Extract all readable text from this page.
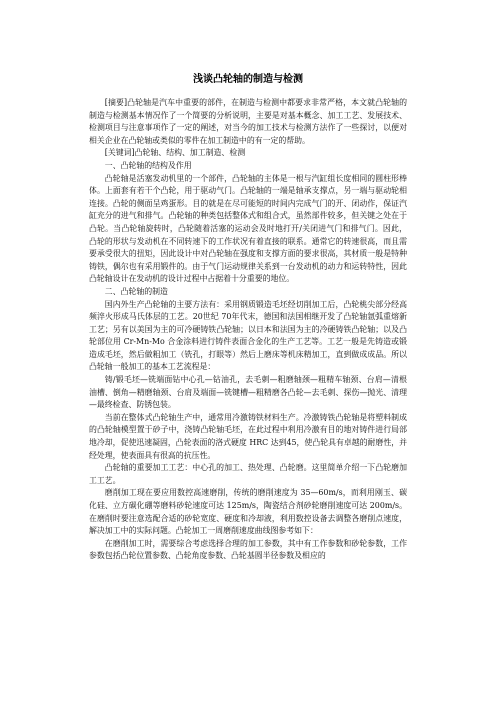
浅谈凸轮轴的制造与检测

[摘要]凸轮轴是汽车中重要的部件，在制造与检测中都要求非常严格，本文就凸轮轴的制造与检测基本情况作了一个简要的分析说明，主要是对基本概念、加工工艺、发展技术、检测项目与注意事项作了一定的阐述，对当今的加工技术与检测方法作了一些探讨，以便对相关企业在凸轮轴或类似的零件在加工制造中的有一定的帮助。

[关键词]凸轮轴、结构、加工制造、检测

一、凸轮轴的结构及作用

凸轮轴是活塞发动机里的一个部件，凸轮轴的主体是一根与汽缸组长度相同的圆柱形棒体。上面套有若干个凸轮，用于驱动气门。凸轮轴的一端是轴承支撑点，另一端与驱动轮相连接。凸轮的侧面呈鸡蛋形。目的就是在尽可能短的时间内完成气门的开、闭动作，保证汽缸充分的进气和排气。凸轮轴的种类包括整体式和组合式，虽然部件较多，但关键之处在于凸轮。当凸轮轴旋转时，凸轮随着活塞的运动会及时地打开/关闭进气门和排气门。因此，凸轮的形状与发动机在不同转速下的工作状况有着直接的联系。通常它的转速很高，而且需要承受很大的扭矩，因此设计中对凸轮轴在强度和支撑方面的要求很高，其材质一般是特种铸铁，偶尔也有采用锻件的。由于气门运动规律关系到一台发动机的动力和运转特性，因此凸轮轴设计在发动机的设计过程中占据着十分重要的地位。

二、凸轮轴的制造

国内外生产凸轮轴的主要方法有：采用钢质锻造毛坯经切削加工后，凸轮桃尖部分经高频淬火形成马氏体层的工艺。20世纪 70年代末，德国和法国相继开发了凸轮轴氩弧重熔新工艺；另有以美国为主的可冷硬铸铁凸轮轴；以日本和法国为主的冷硬铸铁凸轮轴；以及凸轮部位用 Cr-Mn-Mo 合金涂料进行铸件表面合金化的生产工艺等。工艺一般是先铸造或锻造成毛坯，然后做粗加工（铣孔，打眼等）然后上磨床等机床精加工，直到做成成品。所以凸轮轴一般加工的基本工艺流程是：

铸/锻毛坯—铣端面钻中心孔—钻油孔，去毛刺—粗磨轴颈—粗精车轴颈、台肩—清根油槽、倒角—精磨轴颈、台肩及端面—铣键槽—粗精磨各凸轮—去毛刺、探伤—抛光、清理—最终检查、防锈包装。

当前在整体式凸轮轴生产中，通常用冷激铸铁材料生产。冷激铸铁凸轮轴是将塑料制成的凸轮轴模型置于砂子中，浇铸凸轮轴毛坯，在此过程中利用冷激有目的地对铸件进行局部地冷却，促使迅速凝固，凸轮表面的洛式硬度 HRC 达到45，使凸轮具有卓越的耐磨性，并经处理，使表面具有很高的抗压性。

凸轮轴的重要加工工艺：中心孔的加工、热处理、凸轮磨。这里简单介绍一下凸轮磨加工工艺。

磨削加工现在要应用数控高速磨削，传统的磨削速度为 35—60m/s，而利用刚玉、碳化硅、立方碳化硼等磨料砂轮速度可达 125m/s，陶瓷结合剂砂轮磨削速度可达 200m/s。在磨削时要注意选配合适的砂轮宽度、硬度和冷却液，利用数控设备去调整各磨削点速度，解决加工中的实际问题。凸轮加工一周磨削速度曲线图参考如下：

在磨削加工时，需要综合考虑选择合理的加工参数，其中有工作参数和砂轮参数，工作参数包括凸轮位置参数、凸轮角度参数、凸轮基圆半径参数及相应的
